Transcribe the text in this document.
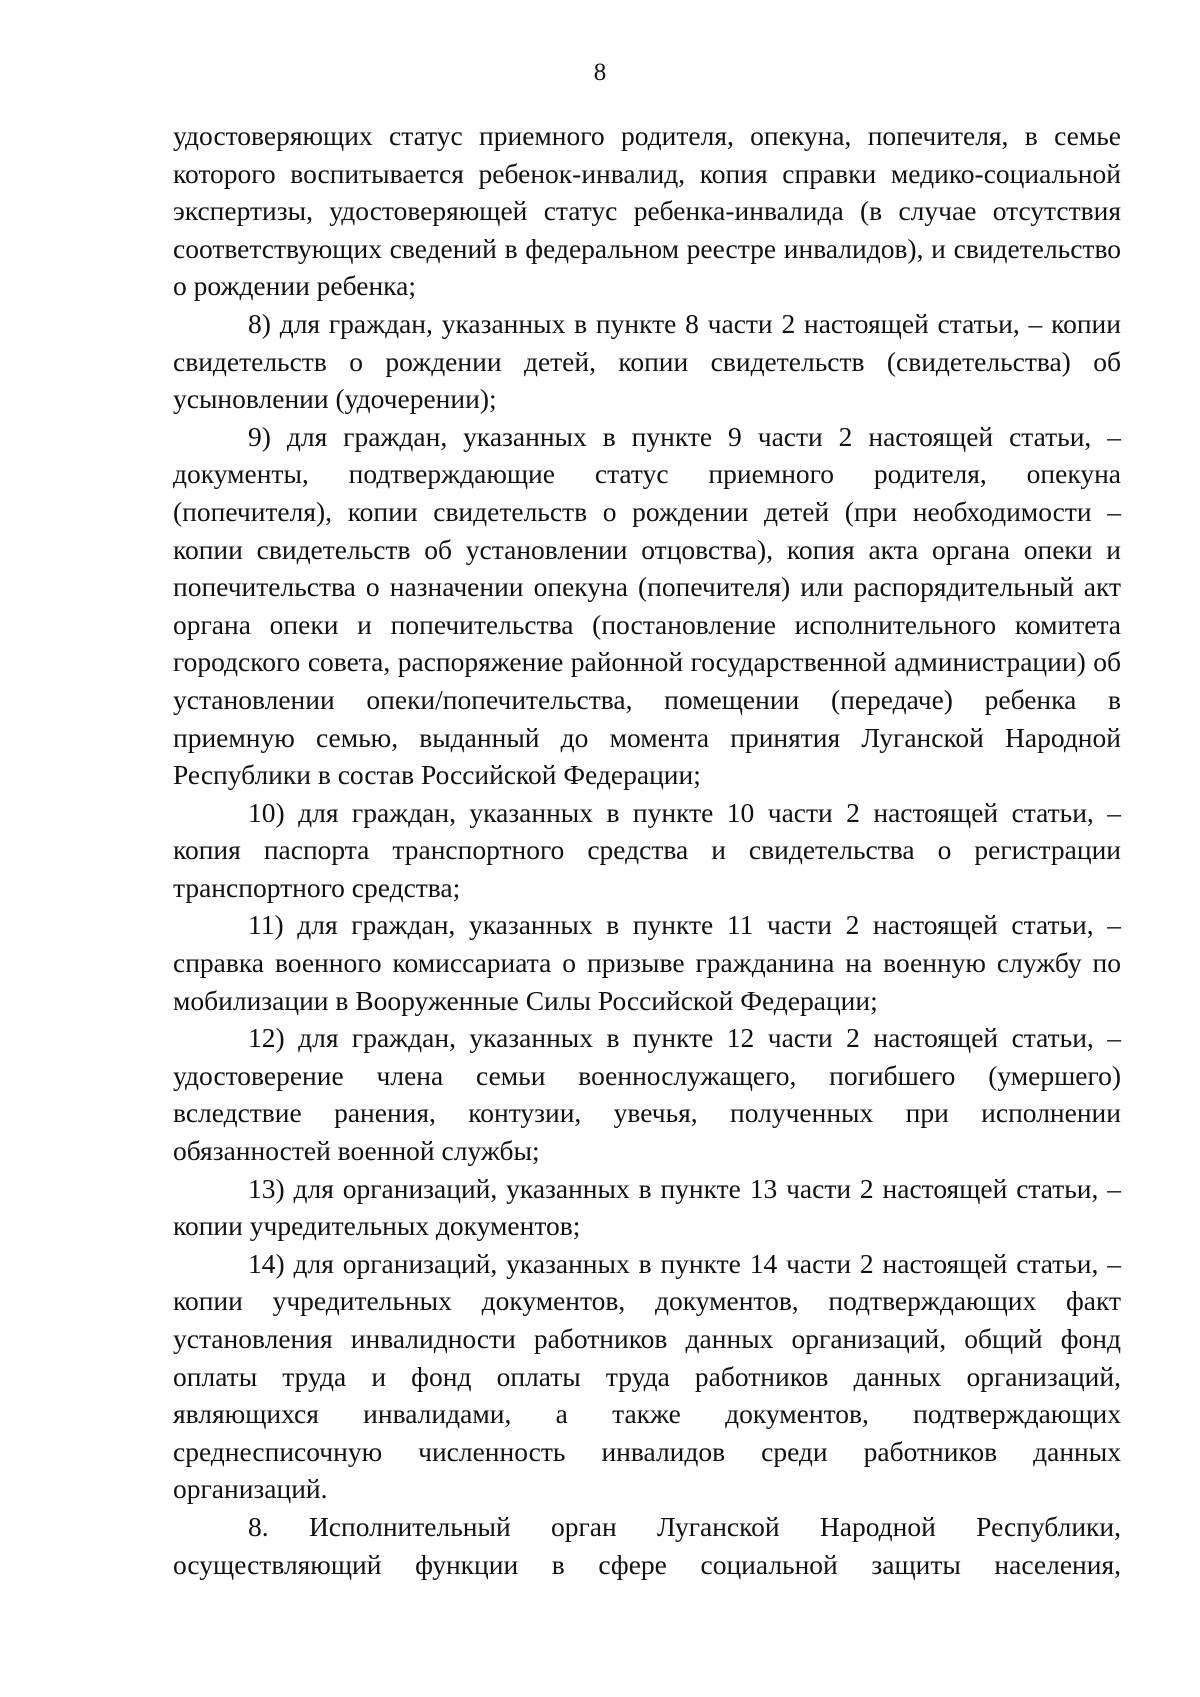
8

удостоверяющих статус приемного родителя, опекуна, попечителя, в семье которого воспитывается ребенок-инвалид, копия справки медико-социальной экспертизы, удостоверяющей статус ребенка-инвалида (в случае отсутствия соответствующих сведений в федеральном реестре инвалидов), и свидетельство о рождении ребенка;

8) для граждан, указанных в пункте 8 части 2 настоящей статьи, – копии свидетельств о рождении детей, копии свидетельств (свидетельства) об усыновлении (удочерении);

9) для граждан, указанных в пункте 9 части 2 настоящей статьи, – документы, подтверждающие статус приемного родителя, опекуна (попечителя), копии свидетельств о рождении детей (при необходимости – копии свидетельств об установлении отцовства), копия акта органа опеки и попечительства о назначении опекуна (попечителя) или распорядительный акт органа опеки и попечительства (постановление исполнительного комитета городского совета, распоряжение районной государственной администрации) об установлении опеки/попечительства, помещении (передаче) ребенка в приемную семью, выданный до момента принятия Луганской Народной Республики в состав Российской Федерации;

10) для граждан, указанных в пункте 10 части 2 настоящей статьи, – копия паспорта транспортного средства и свидетельства о регистрации транспортного средства;

11) для граждан, указанных в пункте 11 части 2 настоящей статьи, – справка военного комиссариата о призыве гражданина на военную службу по мобилизации в Вооруженные Силы Российской Федерации;

12) для граждан, указанных в пункте 12 части 2 настоящей статьи, – удостоверение члена семьи военнослужащего, погибшего (умершего) вследствие ранения, контузии, увечья, полученных при исполнении обязанностей военной службы;

13) для организаций, указанных в пункте 13 части 2 настоящей статьи, – копии учредительных документов;

14) для организаций, указанных в пункте 14 части 2 настоящей статьи, – копии учредительных документов, документов, подтверждающих факт установления инвалидности работников данных организаций, общий фонд оплаты труда и фонд оплаты труда работников данных организаций, являющихся инвалидами, а также документов, подтверждающих среднесписочную численность инвалидов среди работников данных организаций.

8. Исполнительный орган Луганской Народной Республики, осуществляющий функции в сфере социальной защиты населения,
